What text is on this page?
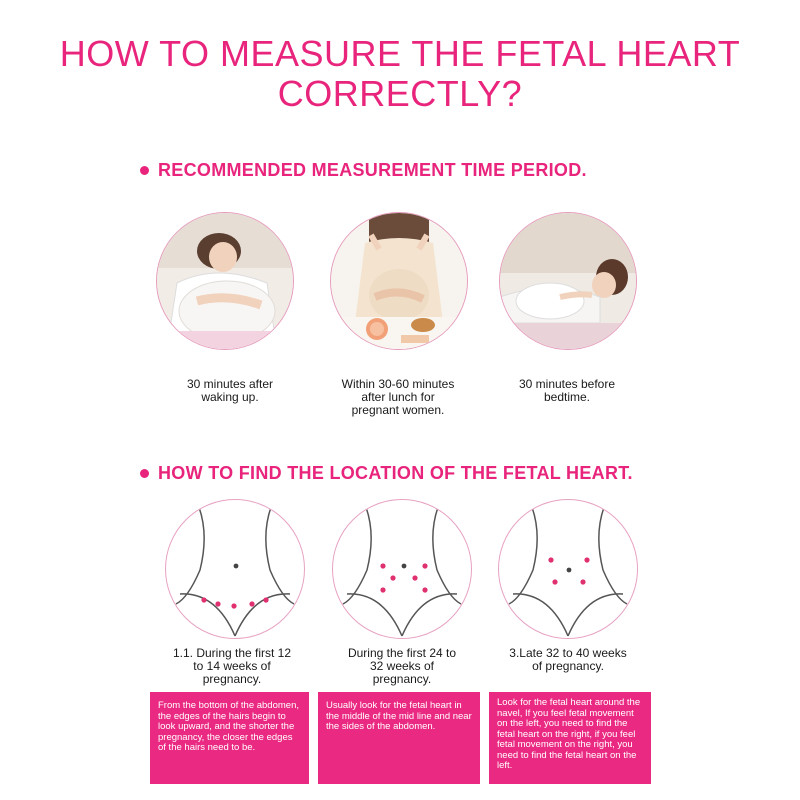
HOW TO MEASURE THE FETAL HEART CORRECTLY?
RECOMMENDED MEASUREMENT TIME PERIOD.
30 minutes after
waking up.
Within 30-60 minutes
after lunch for
pregnant women.
30 minutes before
bedtime.
HOW TO FIND THE LOCATION OF THE FETAL HEART.
1.1. During the first 12
to 14 weeks of
pregnancy.
During the first 24 to
32 weeks of
pregnancy.
3.Late 32 to 40 weeks
of pregnancy.
From the bottom of the abdomen, the edges of the hairs begin to look upward, and the shorter the pregnancy, the closer the edges of the hairs need to be.
Usually look for the fetal heart in the middle of the mid line and near the sides of the abdomen.
Look for the fetal heart around the navel, If you feel fetal movement on the left, you need to find the fetal heart on the right, if you feel fetal movement on the right, you need to find the fetal heart on the left.
